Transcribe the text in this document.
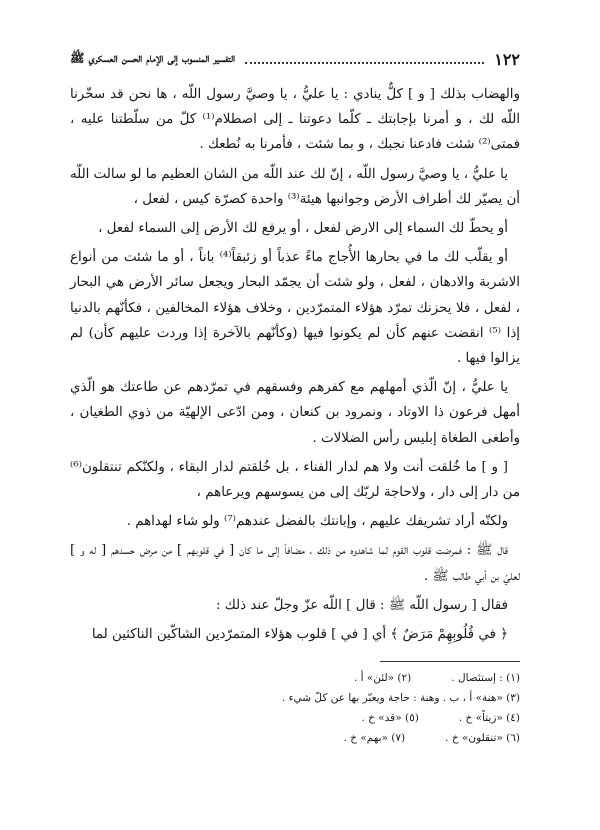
١٢٢
التفسير المنسوب إلى الإمام الحسن العسكري ﷺ

والهضاب بذلك [ و ] كلٌّ ينادي : يا عليُّ ، يا وصيَّ رسول اللّه ، ها نحن قد سخّرنا اللّه لك ، و أمرنا بإجابتك ـ كلّما دعوتنا ـ إلى اصطلام⁽¹⁾ كلّ من سلّطتنا عليه ، فمتى⁽²⁾ شئت فادعنا نجبك ، و بما شئت ، فأمرنا به نُطعك .

يا عليُّ ، يا وصيَّ رسول اللّه ، إنّ لك عند اللّه من الشان العظيم ما لو سالت اللّه أن يصيّر لك أطراف الأرض وجوانبها هيئة⁽³⁾ واحدة كصرّة كيس ، لفعل ،

أو يحطّ لك السماء إلى الارض لفعل ، أو يرفع لك الأرض إلى السماء لفعل ،

أو يقلّب لك ما في بحارها الأُجاج ماءً عذباً أو زئبقاً⁽⁴⁾ باناً ، أو ما شئت من أنواع الاشربة والادهان ، لفعل ، ولو شئت أن يجمّد البحار ويجعل سائر الأرض هي البحار ، لفعل ، فلا يحزنك تمرّد هؤلاء المتمرّدين ، وخلاف هؤلاء المخالفين ، فكأنّهم بالدنيا إذا ⁽⁵⁾ انقضت عنهم كأن لم يكونوا فيها (وكأنّهم بالآخرة إذا وردت عليهم كأن) لم يزالوا فيها .

يا عليُّ ، إنّ الّذي أمهلهم مع كفرهم وفسقهم في تمرّدهم عن طاعتك هو الّذي أمهل فرعون ذا الاوتاد ، ونمرود بن كنعان ، ومن ادّعى الإلهيّة من ذوي الطغيان ، وأطغى الطغاة إبليس رأس الضلالات .

[ و ] ما خُلقت أنت ولا هم لدار الفناء ، بل خُلقتم لدار البقاء ، ولكنّكم تنتقلون⁽⁶⁾ من دار إلى دار ، ولاحاجة لربّك إلى من يسوسهم ويرعاهم ،

ولكنّه أراد تشريفك عليهم ، وإبانتك بالفضل عندهم⁽⁷⁾ ولو شاء لهداهم .

قال ﷺ : فمرضت قلوب القوم لما شاهدوه من ذلك ، مضافاً إلى ما كان [ في قلوبهم ] من مرض حسدهم [ له و ] لعليّ بن أبي طالب ﷺ .

فقال [ رسول اللّه ﷺ : قال ] اللّه عزّ وجلّ عند ذلك :

﴿ في قُلُوبِهِمْ مَرَضٌ ﴾ أي [ في ] قلوب هؤلاء المتمرّدين الشاكّين الناكثين لما

(١) : إستئصال .
(٢) «لئن» أ .
(٣) «هنة» أ ، ب . وهنة : حاجة ويعبّر بها عن كلّ شيء .
(٤) «زيتاً» خ .
(٥) «قد» خ .
(٦) «تنقلون» خ .
(٧) «بهم» خ .
